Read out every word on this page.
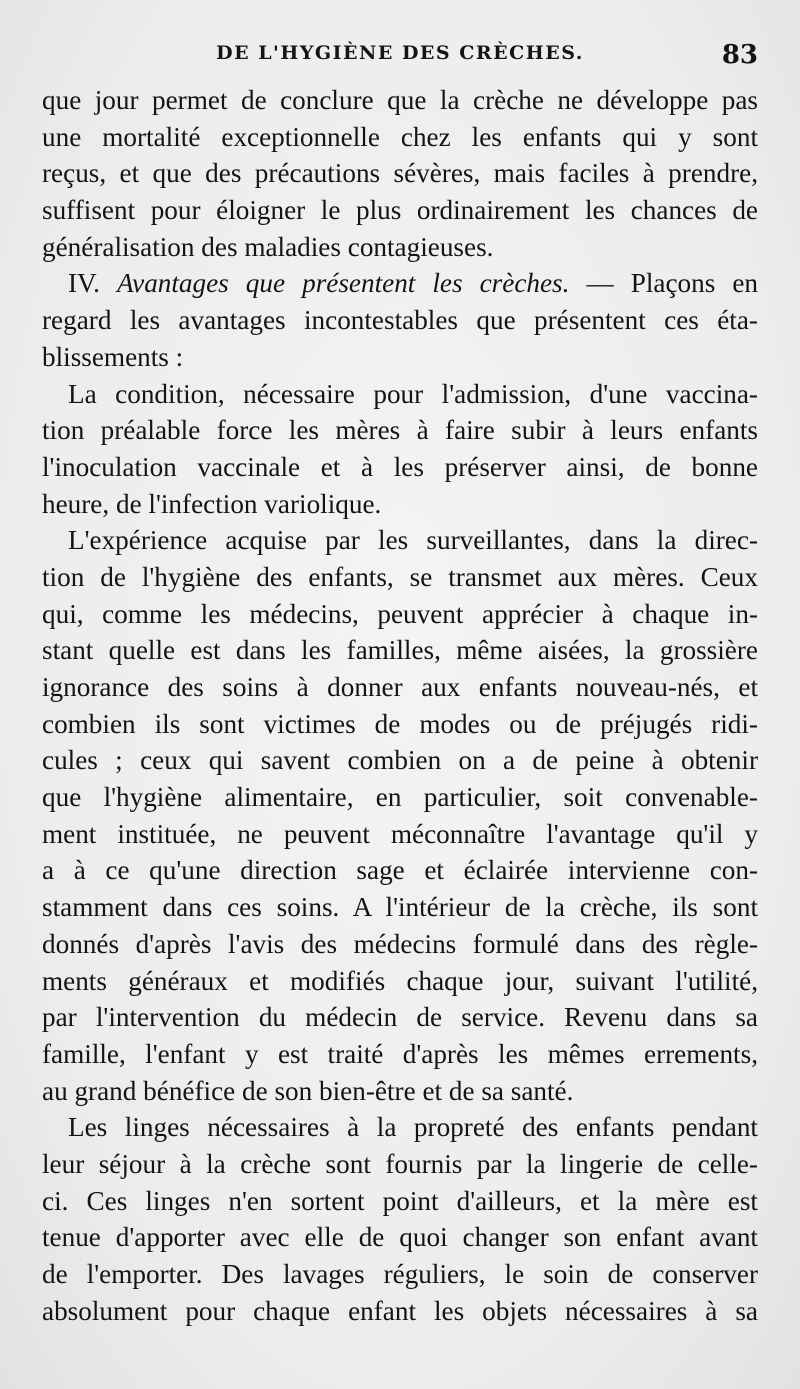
DE L'HYGIÈNE DES CRÈCHES.	83
que jour permet de conclure que la crèche ne développe pas
une mortalité exceptionnelle chez les enfants qui y sont
reçus, et que des précautions sévères, mais faciles à prendre,
suffisent pour éloigner le plus ordinairement les chances de
généralisation des maladies contagieuses.
IV. Avantages que présentent les crèches. — Plaçons en
regard les avantages incontestables que présentent ces éta-
blissements :
La condition, nécessaire pour l'admission, d'une vaccina-
tion préalable force les mères à faire subir à leurs enfants
l'inoculation vaccinale et à les préserver ainsi, de bonne
heure, de l'infection variolique.
L'expérience acquise par les surveillantes, dans la direc-
tion de l'hygiène des enfants, se transmet aux mères. Ceux
qui, comme les médecins, peuvent apprécier à chaque in-
stant quelle est dans les familles, même aisées, la grossière
ignorance des soins à donner aux enfants nouveau-nés, et
combien ils sont victimes de modes ou de préjugés ridi-
cules ; ceux qui savent combien on a de peine à obtenir
que l'hygiène alimentaire, en particulier, soit convenable-
ment instituée, ne peuvent méconnaître l'avantage qu'il y
a à ce qu'une direction sage et éclairée intervienne con-
stamment dans ces soins. A l'intérieur de la crèche, ils sont
donnés d'après l'avis des médecins formulé dans des règle-
ments généraux et modifiés chaque jour, suivant l'utilité,
par l'intervention du médecin de service. Revenu dans sa
famille, l'enfant y est traité d'après les mêmes errements,
au grand bénéfice de son bien-être et de sa santé.
Les linges nécessaires à la propreté des enfants pendant
leur séjour à la crèche sont fournis par la lingerie de celle-
ci. Ces linges n'en sortent point d'ailleurs, et la mère est
tenue d'apporter avec elle de quoi changer son enfant avant
de l'emporter. Des lavages réguliers, le soin de conserver
absolument pour chaque enfant les objets nécessaires à sa
